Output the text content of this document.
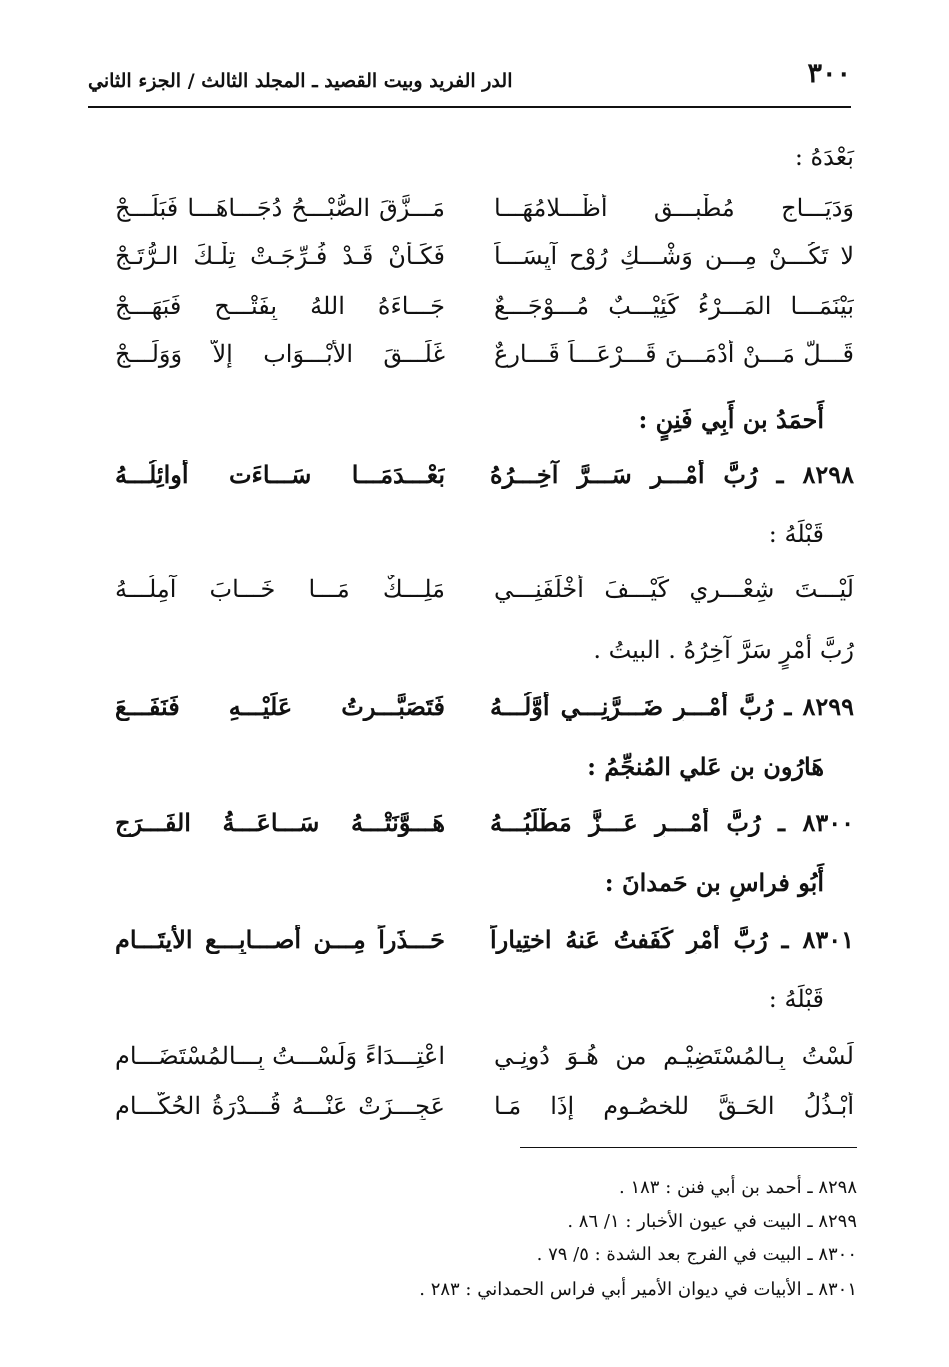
٣٠٠
الدر الفريد وبيت القصيد ـ المجلد الثالث / الجزء الثاني
بَعْدَهُ :
وَدَيَـــاجٍ مُطْبـــقٍ أظْـــلامُهَـــا
مَـــزَّقَ الصُّبْـــحُ دُجَـــاهَـــا فَبَلَـــجْ
لا تَكُـــنْ مِـــن وَشْـــكِ رُوْحٍ آيِسَـــاً
فَكَـأنْ قَـدْ فُـرِّجَـتْ تِلْـكَ الـرُّتَـجْ
بَيْنَمَـــا المَـــرْءُ كَئِيْـــبٌ مُـــوْجَـــعٌ
جَـــاءَهُ اللهُ بِفَتْـــحٍ فَبَهَـــجْ
قَـــلَّ مَـــنْ أدْمَـــنَ قَـــرْعَـــاً قَـــارِعٌ
غَلَـــقَ الأبْـــوَاب إلاَّ وَوَلَـــجْ
أَحمَدُ بن أَبِي فَنِنٍ :
٨٢٩٨ ـ رُبَّ أَمْـــرٍ سَـــرَّ آخِـــرُهُ
بَعْـــدَمَـــا سَـــاءَت أوائِلُـــهُ
قَبْلَهُ :
لَيْـــتَ شِعْـــرِي كَيْـــفَ أخْلَفَنِـــي
مَلِـــكٌ مَـــا خَـــابَ آمِلُـــهُ
رُبَّ أمْرٍ سَرَّ آخِرُهُ . البيتُ .
٨٢٩٩ ـ رُبَّ أَمْـــرٍ ضَـــرَّنِـــي أَوَّلُـــهُ
فَتَصَبَّـــرتُ عَلَيْـــهِ فَنَفَـــعَ
هَارُون بن عَلي المُنجِّمُ :
٨٣٠٠ ـ رُبَّ أَمْـــرٍ عَـــزَّ مَطْلَبُـــهُ
هَـــوَّنَتْـــهُ سَـــاعَـــةُ الفَـــرَجِ
أَبُو فراسِ بن حَمدانَ :
٨٣٠١ ـ رُبَّ أَمْرٍ كَفَفتُ عَنهُ اختِياراً
حَـــذَراً مِـــن أَصـــابِـــعِ الأيتَـــامِ
قَبْلَهُ :
لَسْتُ بِـالمُسْتَضِيْـمِ من هُـوَ دُونِـي
اعْتِـــدَاءً وَلَسْـــتُ بِـــالمُسْتَضَـــامِ
أبْـذُلُ الحَـقَّ للخصُـومِ إذَا مَـا
عَجِـــزَتْ عَنْـــهُ قُـــدْرَةُ الحُكَّـــامِ
٨٢٩٨ ـ أحمد بن أبي فنن : ١٨٣ .
٨٢٩٩ ـ البيت في عيون الأخبار : ١/ ٨٦ .
٨٣٠٠ ـ البيت في الفرج بعد الشدة : ٥/ ٧٩ .
٨٣٠١ ـ الأبيات في ديوان الأمير أبي فراس الحمداني : ٢٨٣ .
